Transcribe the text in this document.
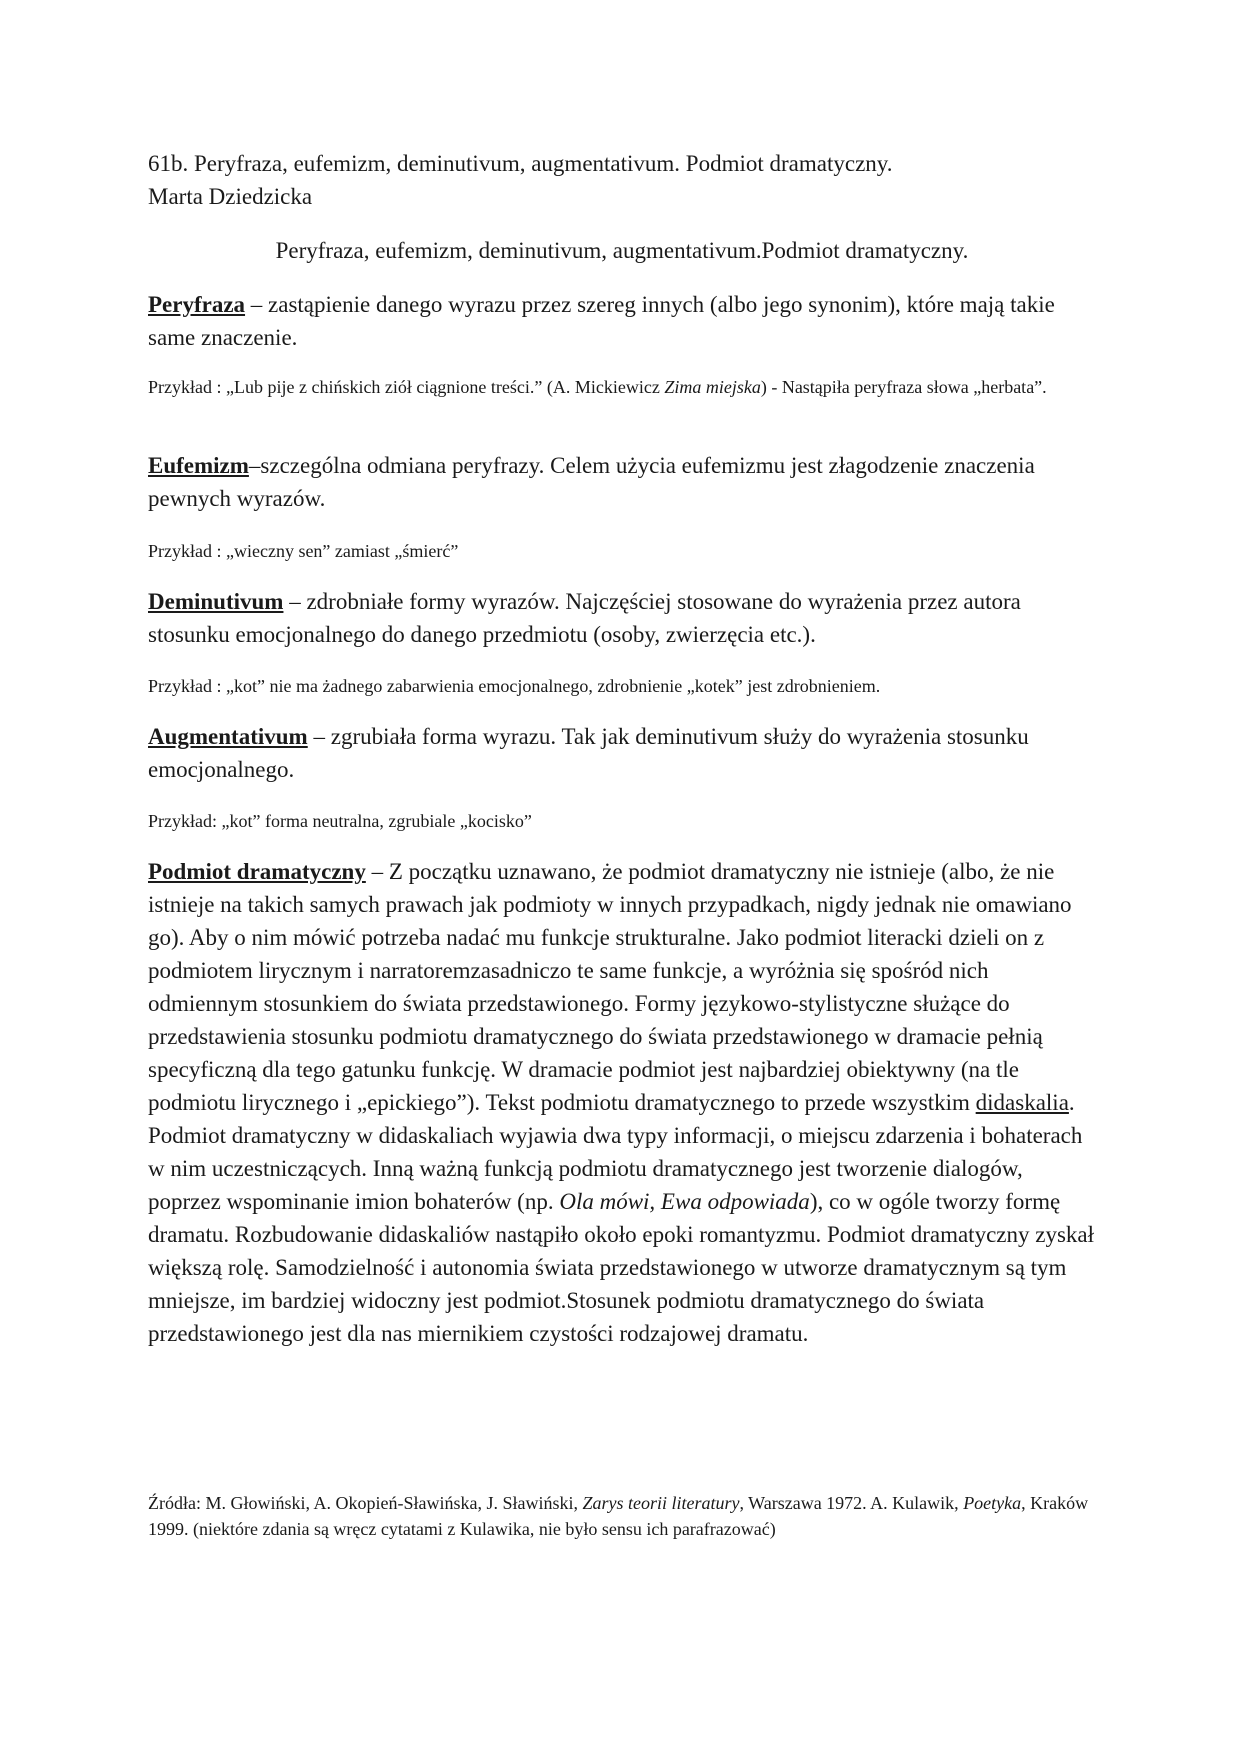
61b. Peryfraza, eufemizm, deminutivum, augmentativum. Podmiot dramatyczny.

Marta Dziedzicka

Peryfraza, eufemizm, deminutivum, augmentativum.Podmiot dramatyczny.

Peryfraza – zastąpienie danego wyrazu przez szereg innych (albo jego synonim), które mają takie same znaczenie.

Przykład : „Lub pije z chińskich ziół ciągnione treści.” (A. Mickiewicz Zima miejska) - Nastąpiła peryfraza słowa „herbata”.

Eufemizm–szczególna odmiana peryfrazy. Celem użycia eufemizmu jest złagodzenie znaczenia pewnych wyrazów.

Przykład : „wieczny sen” zamiast „śmierć”

Deminutivum – zdrobniałe formy wyrazów. Najczęściej stosowane do wyrażenia przez autora stosunku emocjonalnego do danego przedmiotu (osoby, zwierzęcia etc.).

Przykład : „kot” nie ma żadnego zabarwienia emocjonalnego, zdrobnienie „kotek” jest zdrobnieniem.

Augmentativum – zgrubiała forma wyrazu. Tak jak deminutivum służy do wyrażenia stosunku emocjonalnego.

Przykład: „kot” forma neutralna, zgrubiale „kocisko”

Podmiot dramatyczny – Z początku uznawano, że podmiot dramatyczny nie istnieje (albo, że nie istnieje na takich samych prawach jak podmioty w innych przypadkach, nigdy jednak nie omawiano go). Aby o nim mówić potrzeba nadać mu funkcje strukturalne. Jako podmiot literacki dzieli on z podmiotem lirycznym i narratoremzasadniczo te same funkcje, a wyróżnia się spośród nich odmiennym stosunkiem do świata przedstawionego. Formy językowo-stylistyczne służące do przedstawienia stosunku podmiotu dramatycznego do świata przedstawionego w dramacie pełnią specyficzną dla tego gatunku funkcję. W dramacie podmiot jest najbardziej obiektywny (na tle podmiotu lirycznego i „epickiego”). Tekst podmiotu dramatycznego to przede wszystkim didaskalia. Podmiot dramatyczny w didaskaliach wyjawia dwa typy informacji, o miejscu zdarzenia i bohaterach w nim uczestniczących. Inną ważną funkcją podmiotu dramatycznego jest tworzenie dialogów, poprzez wspominanie imion bohaterów (np. Ola mówi, Ewa odpowiada), co w ogóle tworzy formę dramatu. Rozbudowanie didaskaliów nastąpiło około epoki romantyzmu. Podmiot dramatyczny zyskał większą rolę. Samodzielność i autonomia świata przedstawionego w utworze dramatycznym są tym mniejsze, im bardziej widoczny jest podmiot.Stosunek podmiotu dramatycznego do świata przedstawionego jest dla nas miernikiem czystości rodzajowej dramatu.

Źródła: M. Głowiński, A. Okopień-Sławińska, J. Sławiński, Zarys teorii literatury, Warszawa 1972. A. Kulawik, Poetyka, Kraków 1999. (niektóre zdania są wręcz cytatami z Kulawika, nie było sensu ich parafrazować)
